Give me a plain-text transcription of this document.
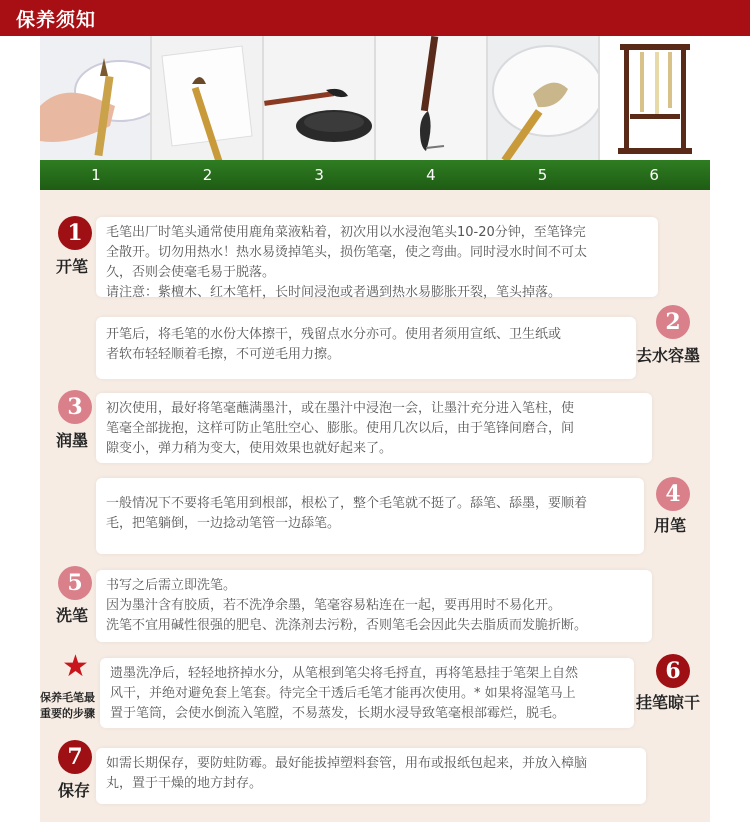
保养须知
1	2	3	4	5	6
1
开笔
毛笔出厂时笔头通常使用鹿角菜液粘着，初次用以水浸泡笔头10-20分钟，至笔锋完
全散开。切勿用热水！热水易烫掉笔头，损伤笔毫，使之弯曲。同时浸水时间不可太
久，否则会使毫毛易于脱落。
请注意：紫檀木、红木笔杆，长时间浸泡或者遇到热水易膨胀开裂，笔头掉落。
开笔后，将毛笔的水份大体擦干，残留点水分亦可。使用者须用宣纸、卫生纸或
者软布轻轻顺着毛擦，不可逆毛用力擦。
2
去水容墨
3
润墨
初次使用，最好将笔毫蘸满墨汁，或在墨汁中浸泡一会，让墨汁充分进入笔柱，使
笔毫全部拢抱，这样可防止笔肚空心、膨胀。使用几次以后，由于笔锋间磨合，间
隙变小，弹力稍为变大，使用效果也就好起来了。
一般情况下不要将毛笔用到根部，根松了，整个毛笔就不挺了。舔笔、舔墨，要顺着
毛，把笔躺倒，一边捻动笔管一边舔笔。
4
用笔
5
洗笔
书写之后需立即洗笔。
因为墨汁含有胶质，若不洗净余墨，笔毫容易粘连在一起，要再用时不易化开。
洗笔不宜用碱性很强的肥皂、洗涤剂去污粉，否则笔毛会因此失去脂质而发脆折断。
★
保养毛笔最
重要的步骤
遗墨洗净后，轻轻地挤掉水分，从笔根到笔尖将毛捋直，再将笔悬挂于笔架上自然
风干，并绝对避免套上笔套。待完全干透后毛笔才能再次使用。* 如果将湿笔马上
置于笔筒，会使水倒流入笔膛，不易蒸发，长期水浸导致笔毫根部霉烂，脱毛。
6
挂笔晾干
7
保存
如需长期保存，要防蛀防霉。最好能拔掉塑料套管，用布或报纸包起来，并放入樟脑
丸，置于干燥的地方封存。
